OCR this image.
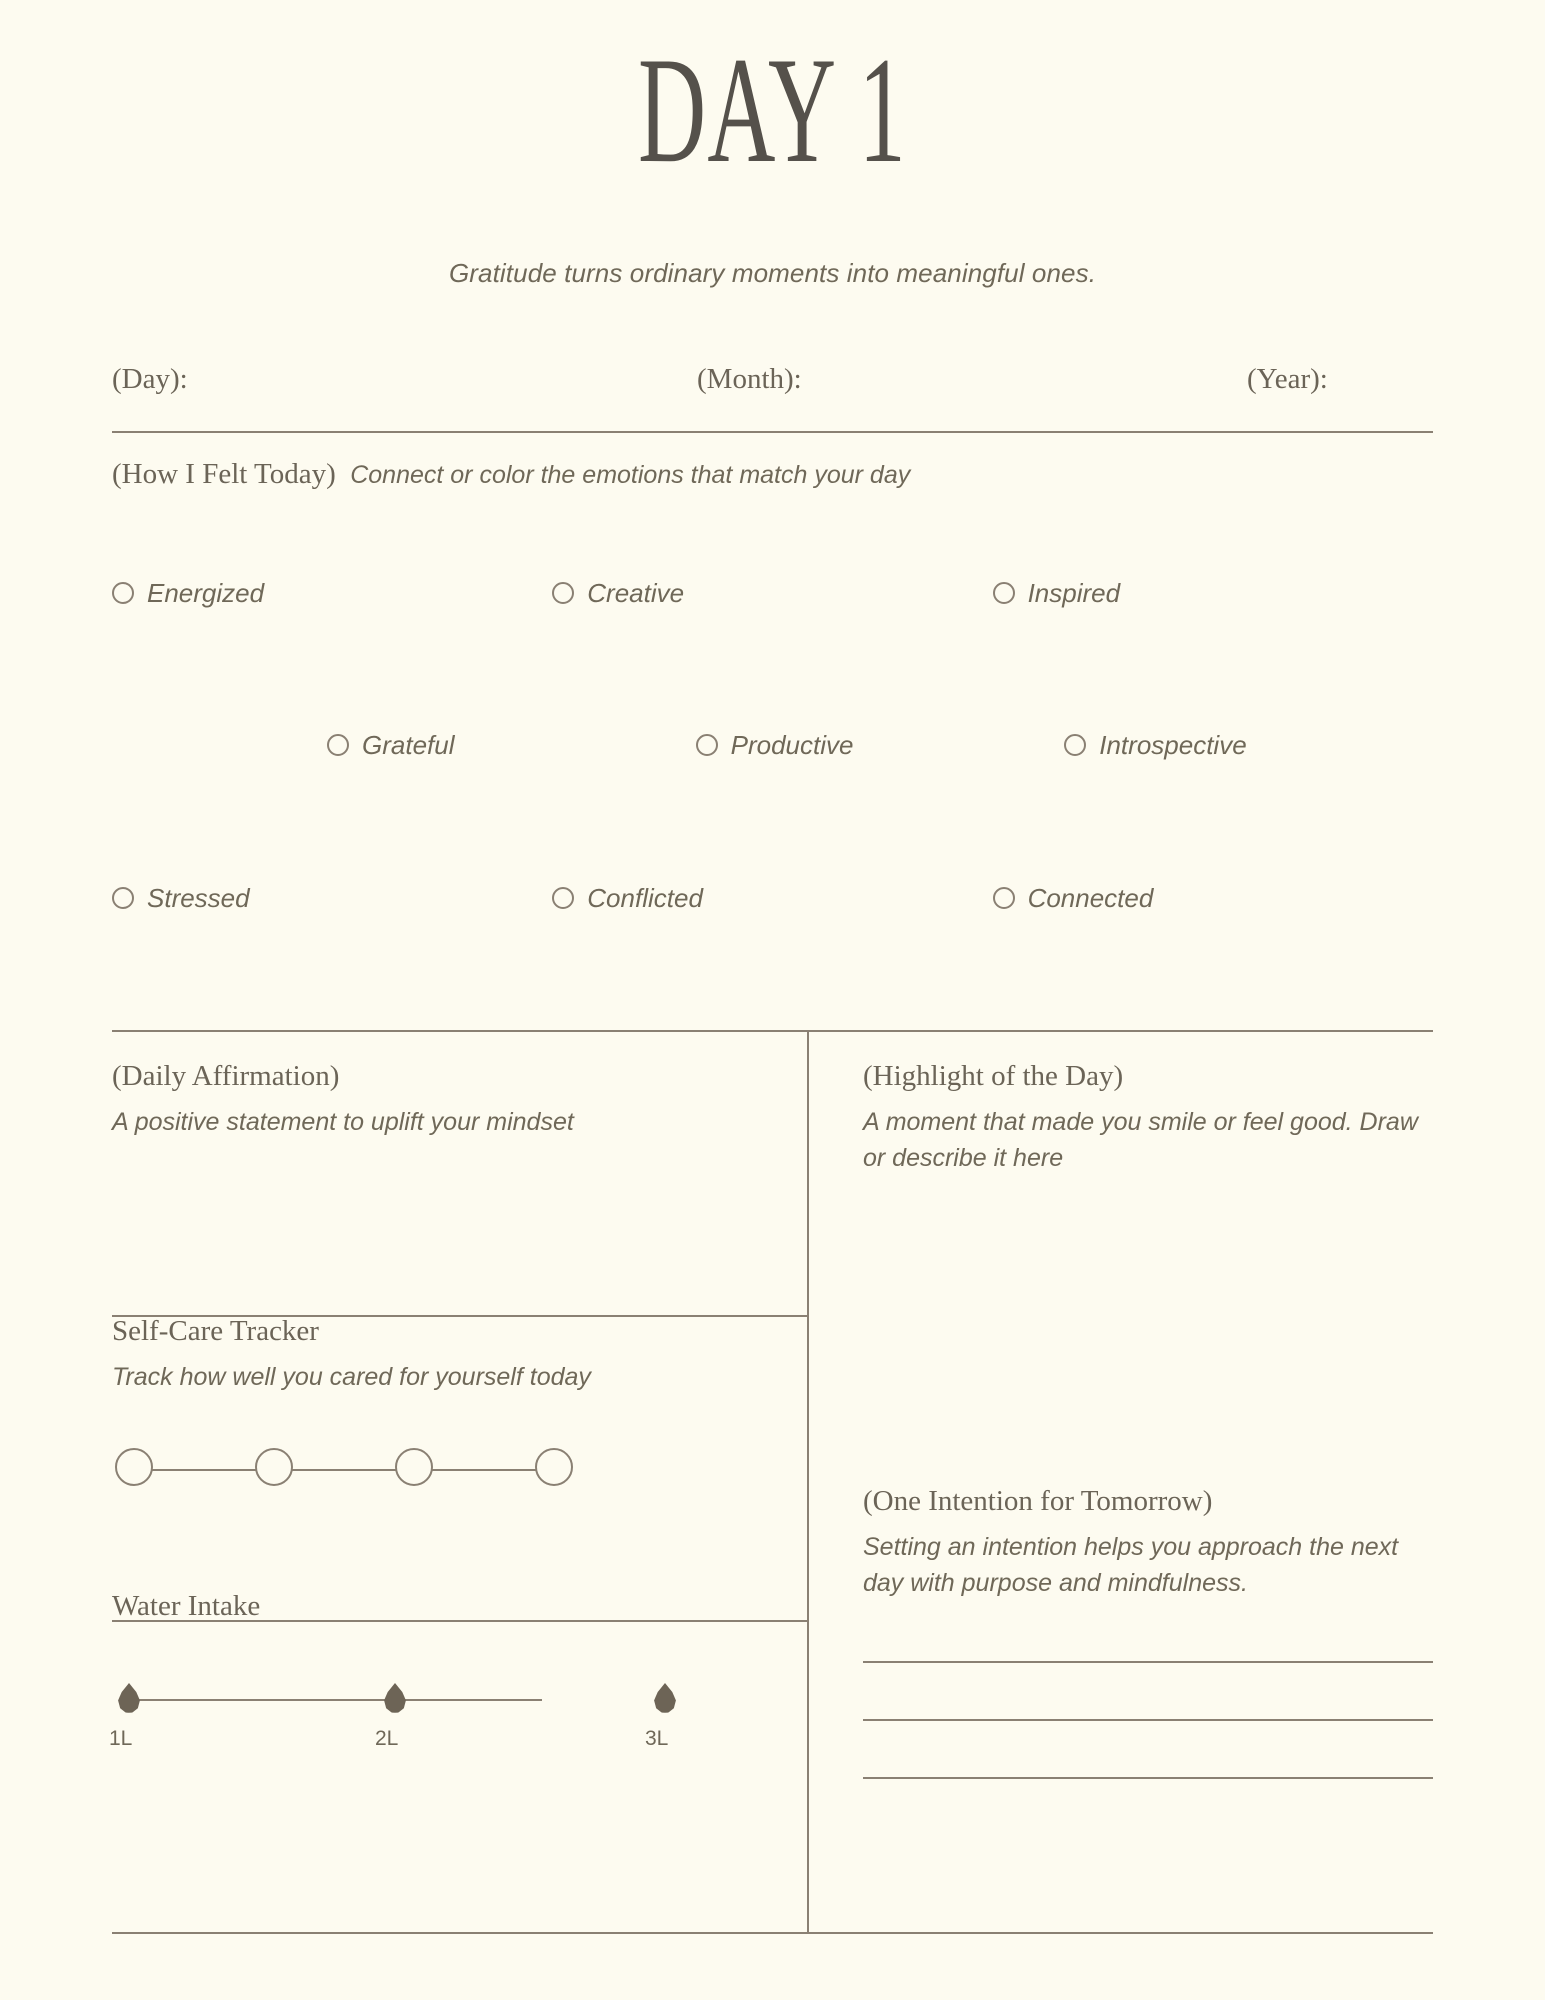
DAY 1
Gratitude turns ordinary moments into meaningful ones.
(Day):	(Month):	(Year):
(How I Felt Today) Connect or color the emotions that match your day
Energized	Creative	Inspired
Grateful	Productive	Introspective
Stressed	Conflicted	Connected
(Daily Affirmation)
A positive statement to uplift your mindset
Self-Care Tracker
Track how well you cared for yourself today
Water Intake
1L	2L	3L
(Highlight of the Day)
A moment that made you smile or feel good. Draw or describe it here
(One Intention for Tomorrow)
Setting an intention helps you approach the next day with purpose and mindfulness.
